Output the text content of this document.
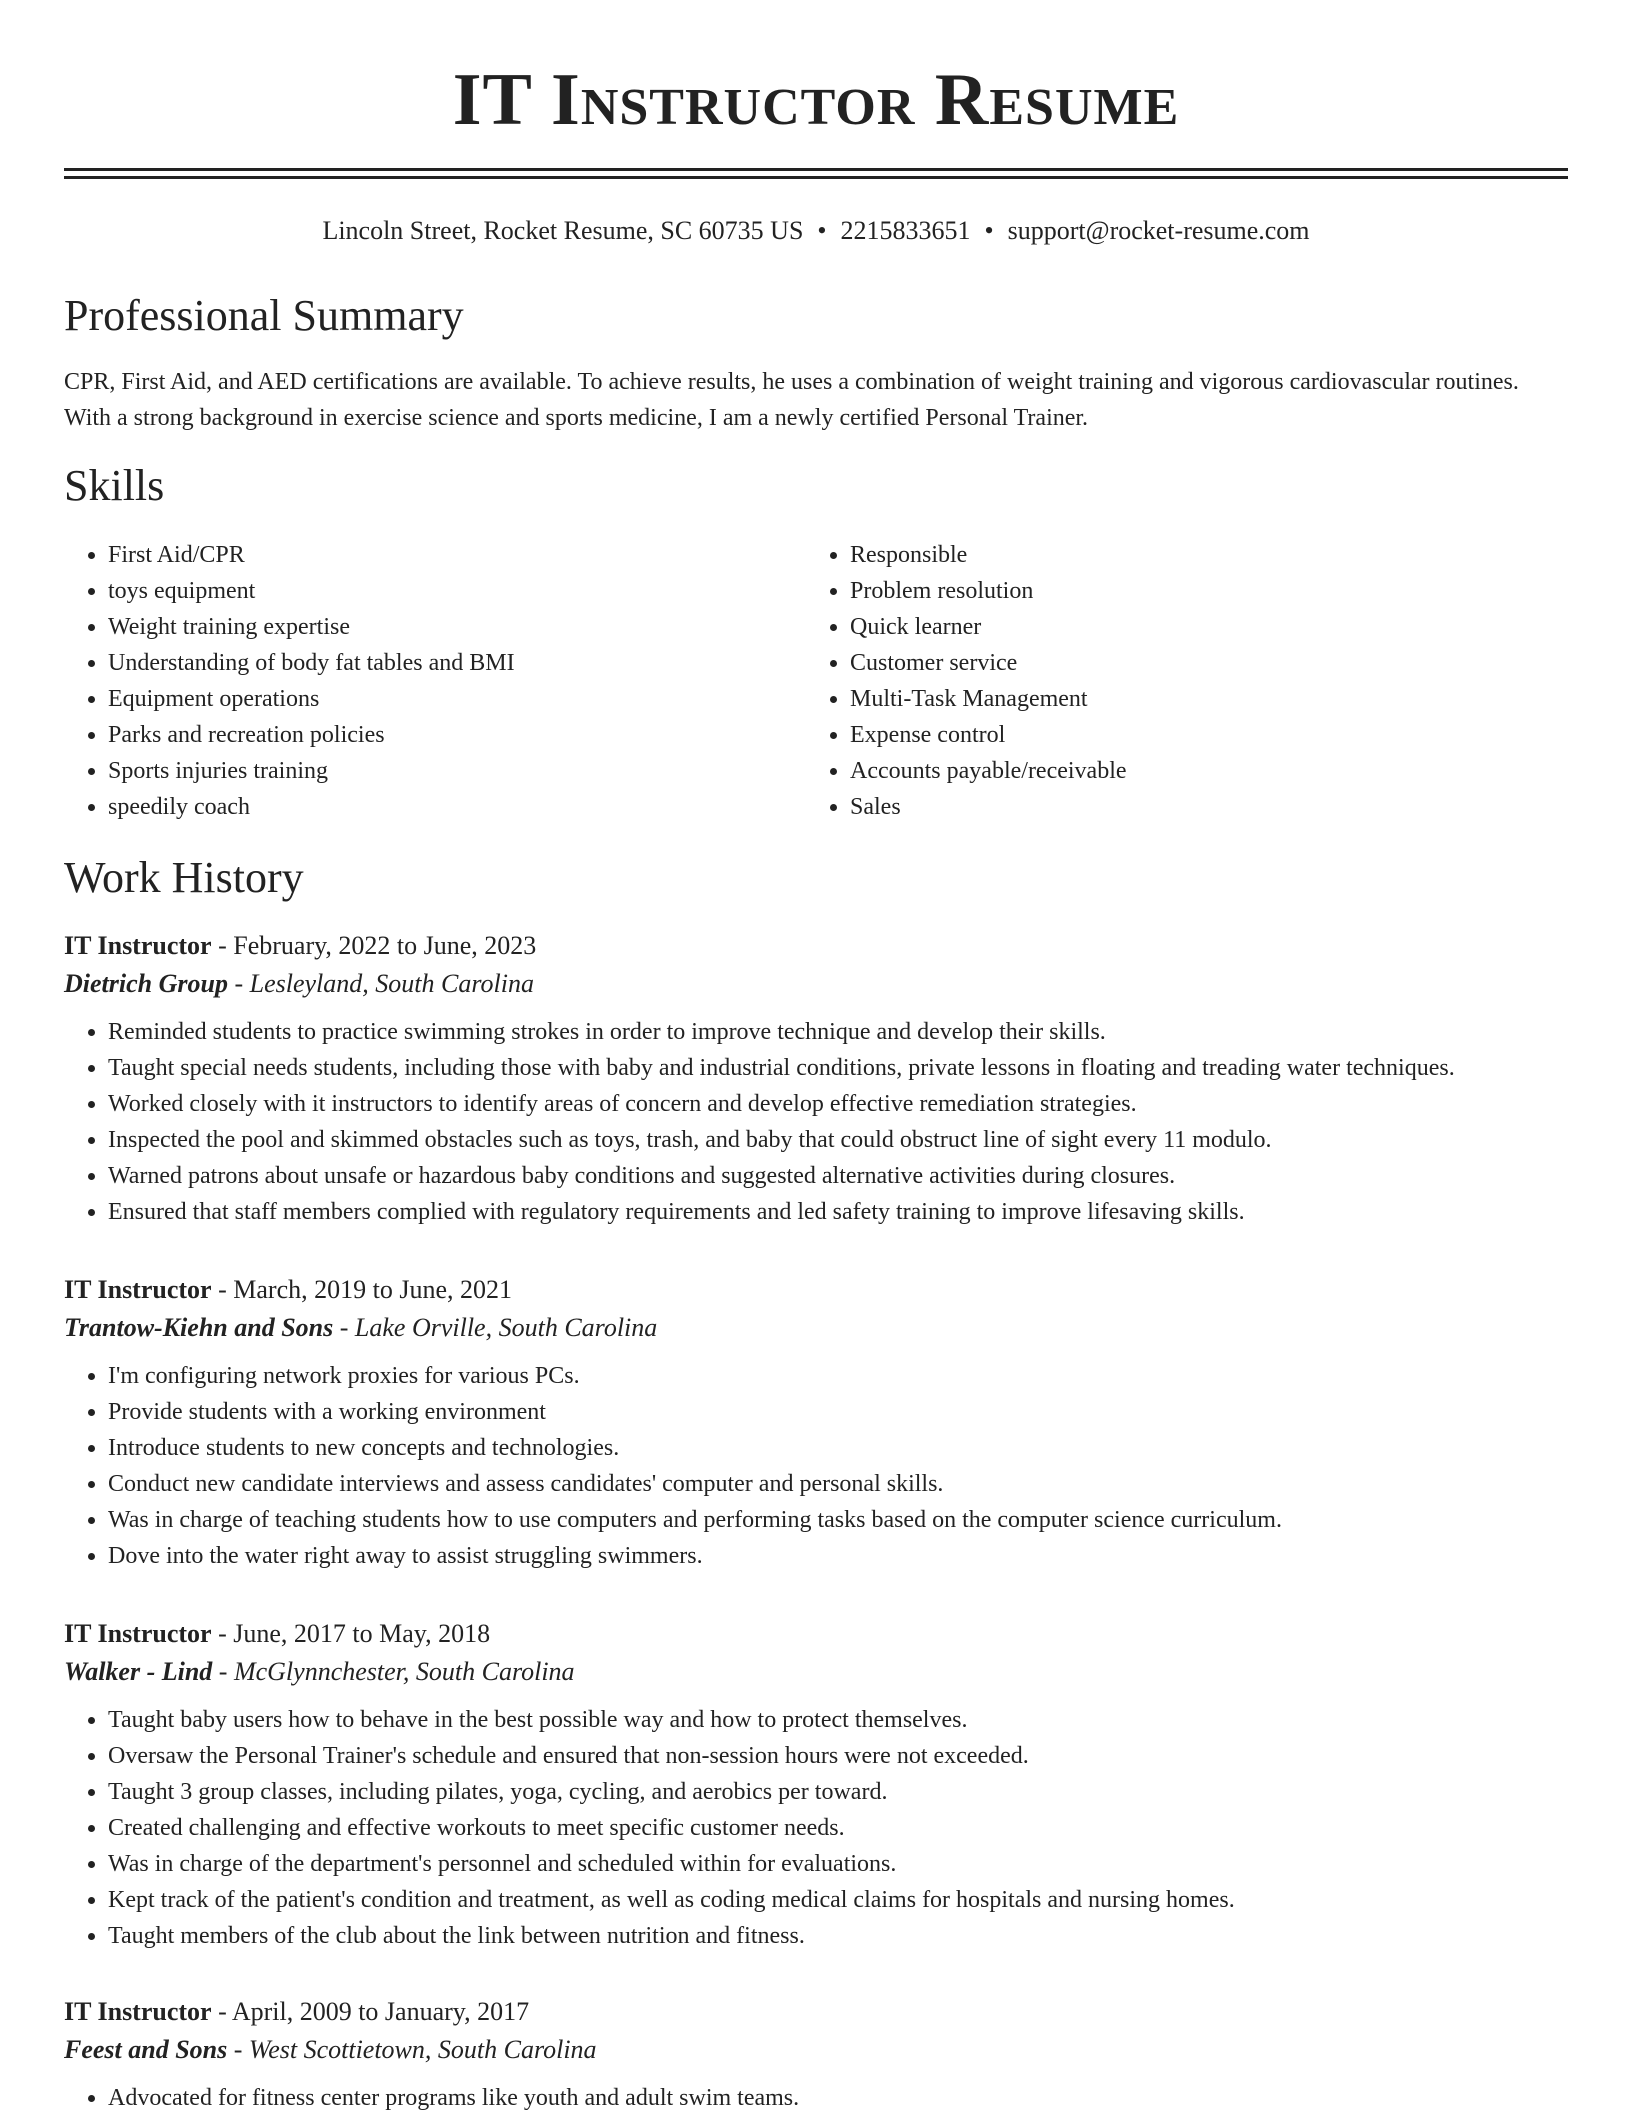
IT Instructor Resume
Lincoln Street, Rocket Resume, SC 60735 US • 2215833651 • support@rocket-resume.com
Professional Summary

CPR, First Aid, and AED certifications are available. To achieve results, he uses a combination of weight training and vigorous cardiovascular routines. With a strong background in exercise science and sports medicine, I am a newly certified Personal Trainer.

Skills
• First Aid/CPR
• toys equipment
• Weight training expertise
• Understanding of body fat tables and BMI
• Equipment operations
• Parks and recreation policies
• Sports injuries training
• speedily coach
• Responsible
• Problem resolution
• Quick learner
• Customer service
• Multi-Task Management
• Expense control
• Accounts payable/receivable
• Sales
Work History
IT Instructor - February, 2022 to June, 2023
Dietrich Group - Lesleyland, South Carolina
• Reminded students to practice swimming strokes in order to improve technique and develop their skills.
• Taught special needs students, including those with baby and industrial conditions, private lessons in floating and treading water techniques.
• Worked closely with it instructors to identify areas of concern and develop effective remediation strategies.
• Inspected the pool and skimmed obstacles such as toys, trash, and baby that could obstruct line of sight every 11 modulo.
• Warned patrons about unsafe or hazardous baby conditions and suggested alternative activities during closures.
• Ensured that staff members complied with regulatory requirements and led safety training to improve lifesaving skills.
IT Instructor - March, 2019 to June, 2021
Trantow-Kiehn and Sons - Lake Orville, South Carolina
• I'm configuring network proxies for various PCs.
• Provide students with a working environment
• Introduce students to new concepts and technologies.
• Conduct new candidate interviews and assess candidates' computer and personal skills.
• Was in charge of teaching students how to use computers and performing tasks based on the computer science curriculum.
• Dove into the water right away to assist struggling swimmers.
IT Instructor - June, 2017 to May, 2018
Walker - Lind - McGlynnchester, South Carolina
• Taught baby users how to behave in the best possible way and how to protect themselves.
• Oversaw the Personal Trainer's schedule and ensured that non-session hours were not exceeded.
• Taught 3 group classes, including pilates, yoga, cycling, and aerobics per toward.
• Created challenging and effective workouts to meet specific customer needs.
• Was in charge of the department's personnel and scheduled within for evaluations.
• Kept track of the patient's condition and treatment, as well as coding medical claims for hospitals and nursing homes.
• Taught members of the club about the link between nutrition and fitness.
IT Instructor - April, 2009 to January, 2017
Feest and Sons - West Scottietown, South Carolina
• Advocated for fitness center programs like youth and adult swim teams.
